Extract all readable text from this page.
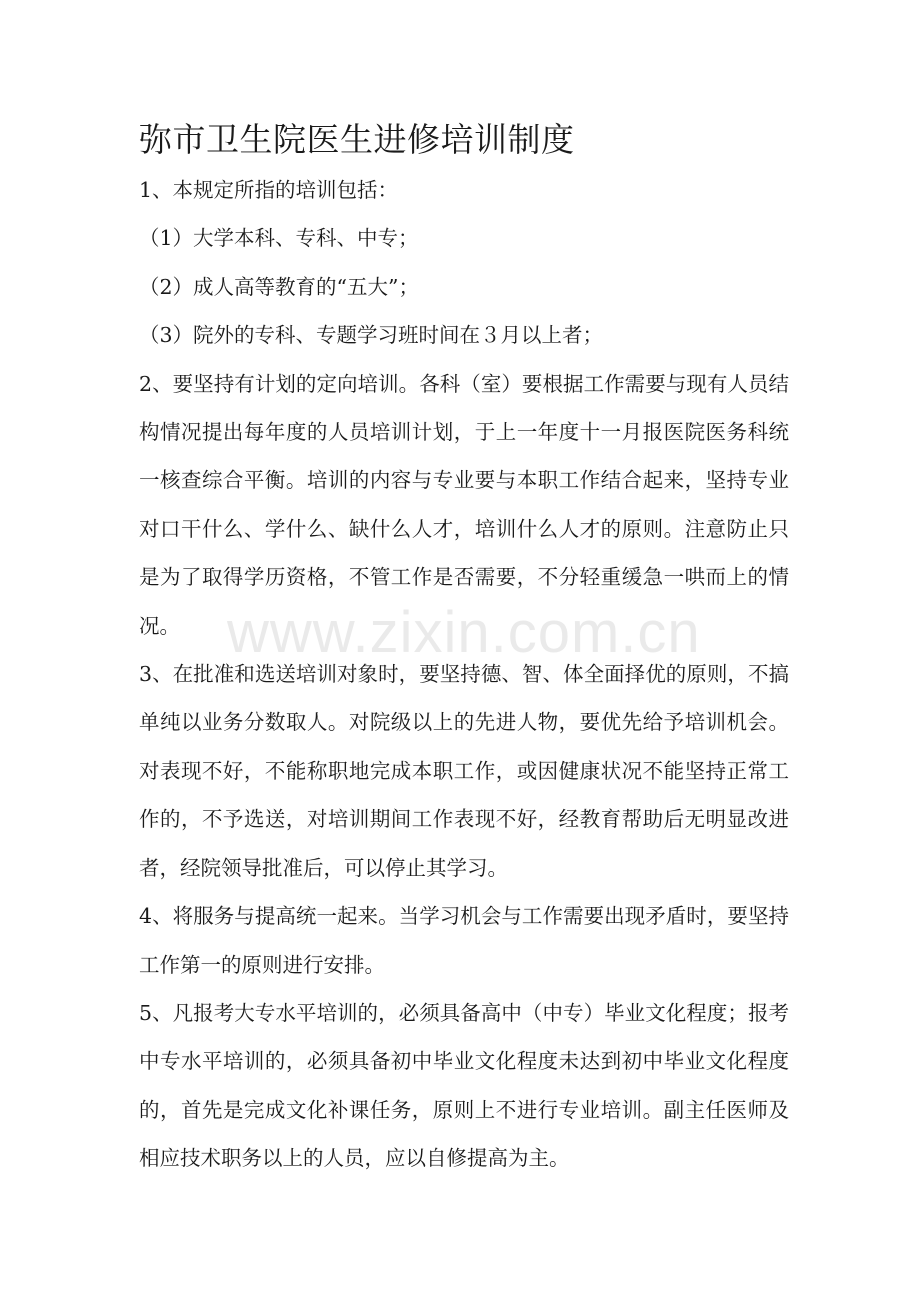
弥市卫生院医生进修培训制度

1、本规定所指的培训包括：

（1）大学本科、专科、中专；

（2）成人高等教育的“五大”；

（3）院外的专科、专题学习班时间在３月以上者；

2、要坚持有计划的定向培训。各科（室）要根据工作需要与现有人员结构情况提出每年度的人员培训计划，于上一年度十一月报医院医务科统一核查综合平衡。培训的内容与专业要与本职工作结合起来，坚持专业对口干什么、学什么、缺什么人才，培训什么人才的原则。注意防止只是为了取得学历资格，不管工作是否需要，不分轻重缓急一哄而上的情况。

3、在批准和选送培训对象时，要坚持德、智、体全面择优的原则，不搞单纯以业务分数取人。对院级以上的先进人物，要优先给予培训机会。对表现不好，不能称职地完成本职工作，或因健康状况不能坚持正常工作的，不予选送，对培训期间工作表现不好，经教育帮助后无明显改进者，经院领导批准后，可以停止其学习。

4、将服务与提高统一起来。当学习机会与工作需要出现矛盾时，要坚持工作第一的原则进行安排。

5、凡报考大专水平培训的，必须具备高中（中专）毕业文化程度；报考中专水平培训的，必须具备初中毕业文化程度未达到初中毕业文化程度的，首先是完成文化补课任务，原则上不进行专业培训。副主任医师及相应技术职务以上的人员，应以自修提高为主。

www.zixin.com.cn
